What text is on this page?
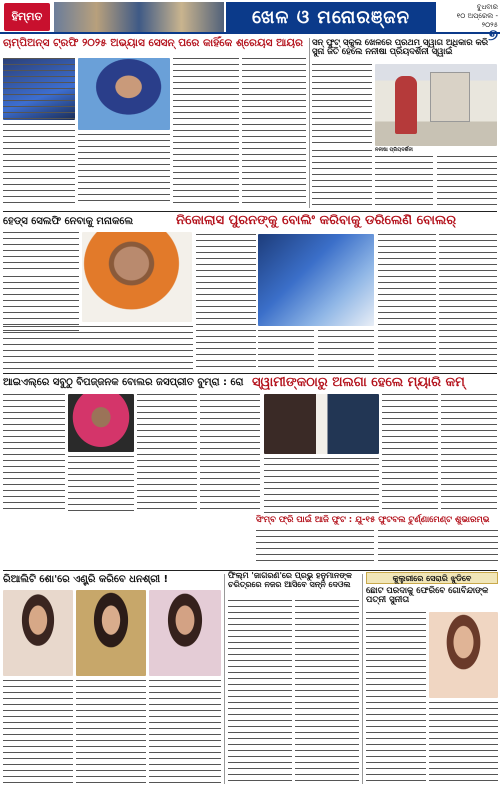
ହିମ୍ମତ	ଖେଳ ଓ ମନୋରଞ୍ଜନ	ବୁଧବାର
୧୦ ଅପ୍ରେଲ - ୨୦୨୫
୭
ଚାମ୍ପିଅନ୍ସ ଟ୍ରଫି ୨୦୨୫ ଅଭ୍ୟାସ ସେସନ୍ ପରେ କାହିଁକେ ଶ୍ରେୟସ ଆୟର ସନ୍ ଫୁଟ୍ ସ୍କୁଲ ଖେଳରେ ପ୍ରଥମ ସ୍ୱାଗ ଅଧିକାର କରି ସୁନା ଜିତି ହେଲେ ନନୀଷା ପ୍ରିୟଦର୍ଶିନୀ ସ୍ୱାଇଁ
ନନୀଷା ପ୍ରିୟଦର୍ଶିନୀ
ହେଡ୍ସ ସେଲଫି ନେବାକୁ ମନାକଲେ	ନିକୋଲାସ ପୁରନଙ୍କୁ ବୋଲିଂ କରିବାକୁ ଡରିଲେଣି ବୋଲର୍
ଆଇଏଲ୍‌ରେ ସବୁଠୁ ବିପଜ୍ଜନକ ବୋଲର ଜସପ୍ରୀତ ବୁମ୍ରା : ରୋ ସ୍ୱାମୀଙ୍କଠାରୁ ଅଲଗା ହେଲେ ମ୍ୟାରି କମ୍
ସିଂମ୍ବ ଫ୍ରି ପାଇଁ ଆଜି ଫୁଟ : ଯୁ-୧୫ ଫୁଟବଲ ଟୁର୍ଣ୍ଣାମେଣ୍ଟ ଶୁଭାରମ୍ଭ
ରିଆଲିଟି ଶୋ'ରେ ଏଣ୍ଟ୍ରି କରିବେ ଧନଶ୍ରୀ !	ଫିଲ୍ମ 'ଜାଗରଣ'ରେ ପ୍ରଭୁ ହନୁମାନଙ୍କ ଚରିତ୍ରରେ ନଜର ଆସିବେ ସନ୍ନି ଦେଓଲ
କୁଲୁରୀରେ ସେରାରି ଝୁଡିବେ
ଛୋଟ ପରଦାକୁ ଫେରିବେ ଗୋବିନ୍ଦାଙ୍କ ପତ୍ନୀ ସୁନୀତା
